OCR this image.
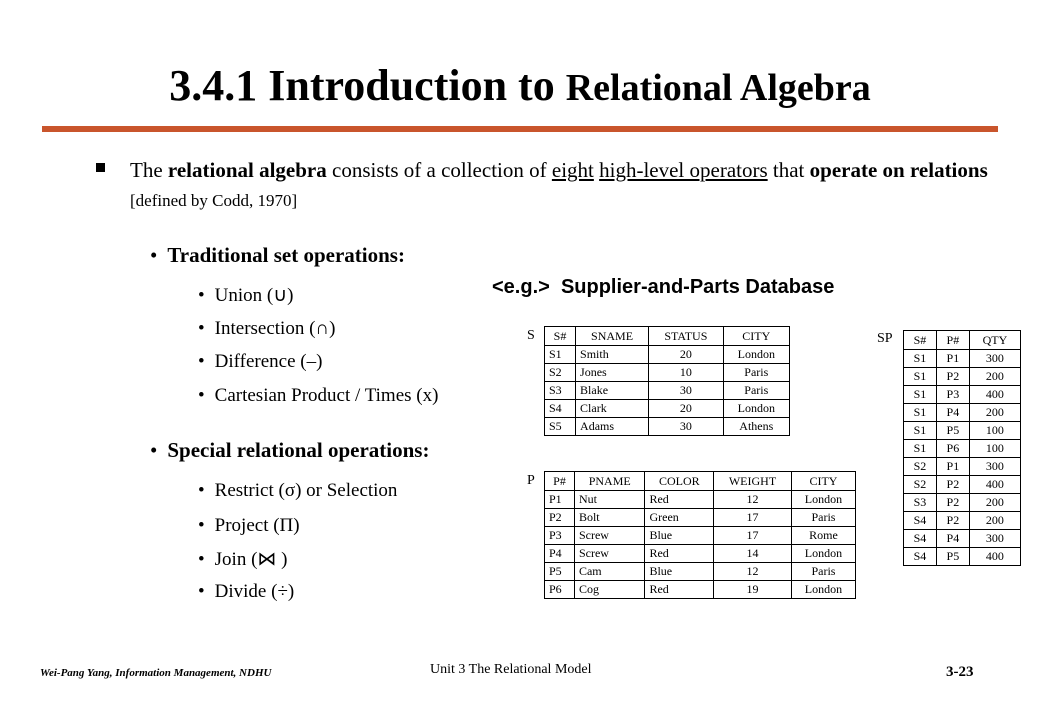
3.4.1 Introduction to Relational Algebra
The relational algebra consists of a collection of eight high-level operators that operate on relations [defined by Codd, 1970]
• Traditional set operations:
• Union (∪)
• Intersection (∩)
• Difference (–)
• Cartesian Product / Times (x)
• Special relational operations:
• Restrict (σ) or Selection
• Project (Π)
• Join (⋈ )
• Divide (÷)
<e.g.> Supplier-and-Parts Database
S S#	SNAME	STATUS	CITY
S1	Smith	20	London
S2	Jones	10	Paris
S3	Blake	30	Paris
S4	Clark	20	London
S5	Adams	30	Athens
P P#	PNAME	COLOR	WEIGHT	CITY
P1	Nut	Red	12	London
P2	Bolt	Green	17	Paris
P3	Screw	Blue	17	Rome
P4	Screw	Red	14	London
P5	Cam	Blue	12	Paris
P6	Cog	Red	19	London
SP S#	P#	QTY
S1	P1	300
S1	P2	200
S1	P3	400
S1	P4	200
S1	P5	100
S1	P6	100
S2	P1	300
S2	P2	400
S3	P2	200
S4	P2	200
S4	P4	300
S4	P5	400
Wei-Pang Yang, Information Management, NDHU	Unit 3 The Relational Model	3-23
